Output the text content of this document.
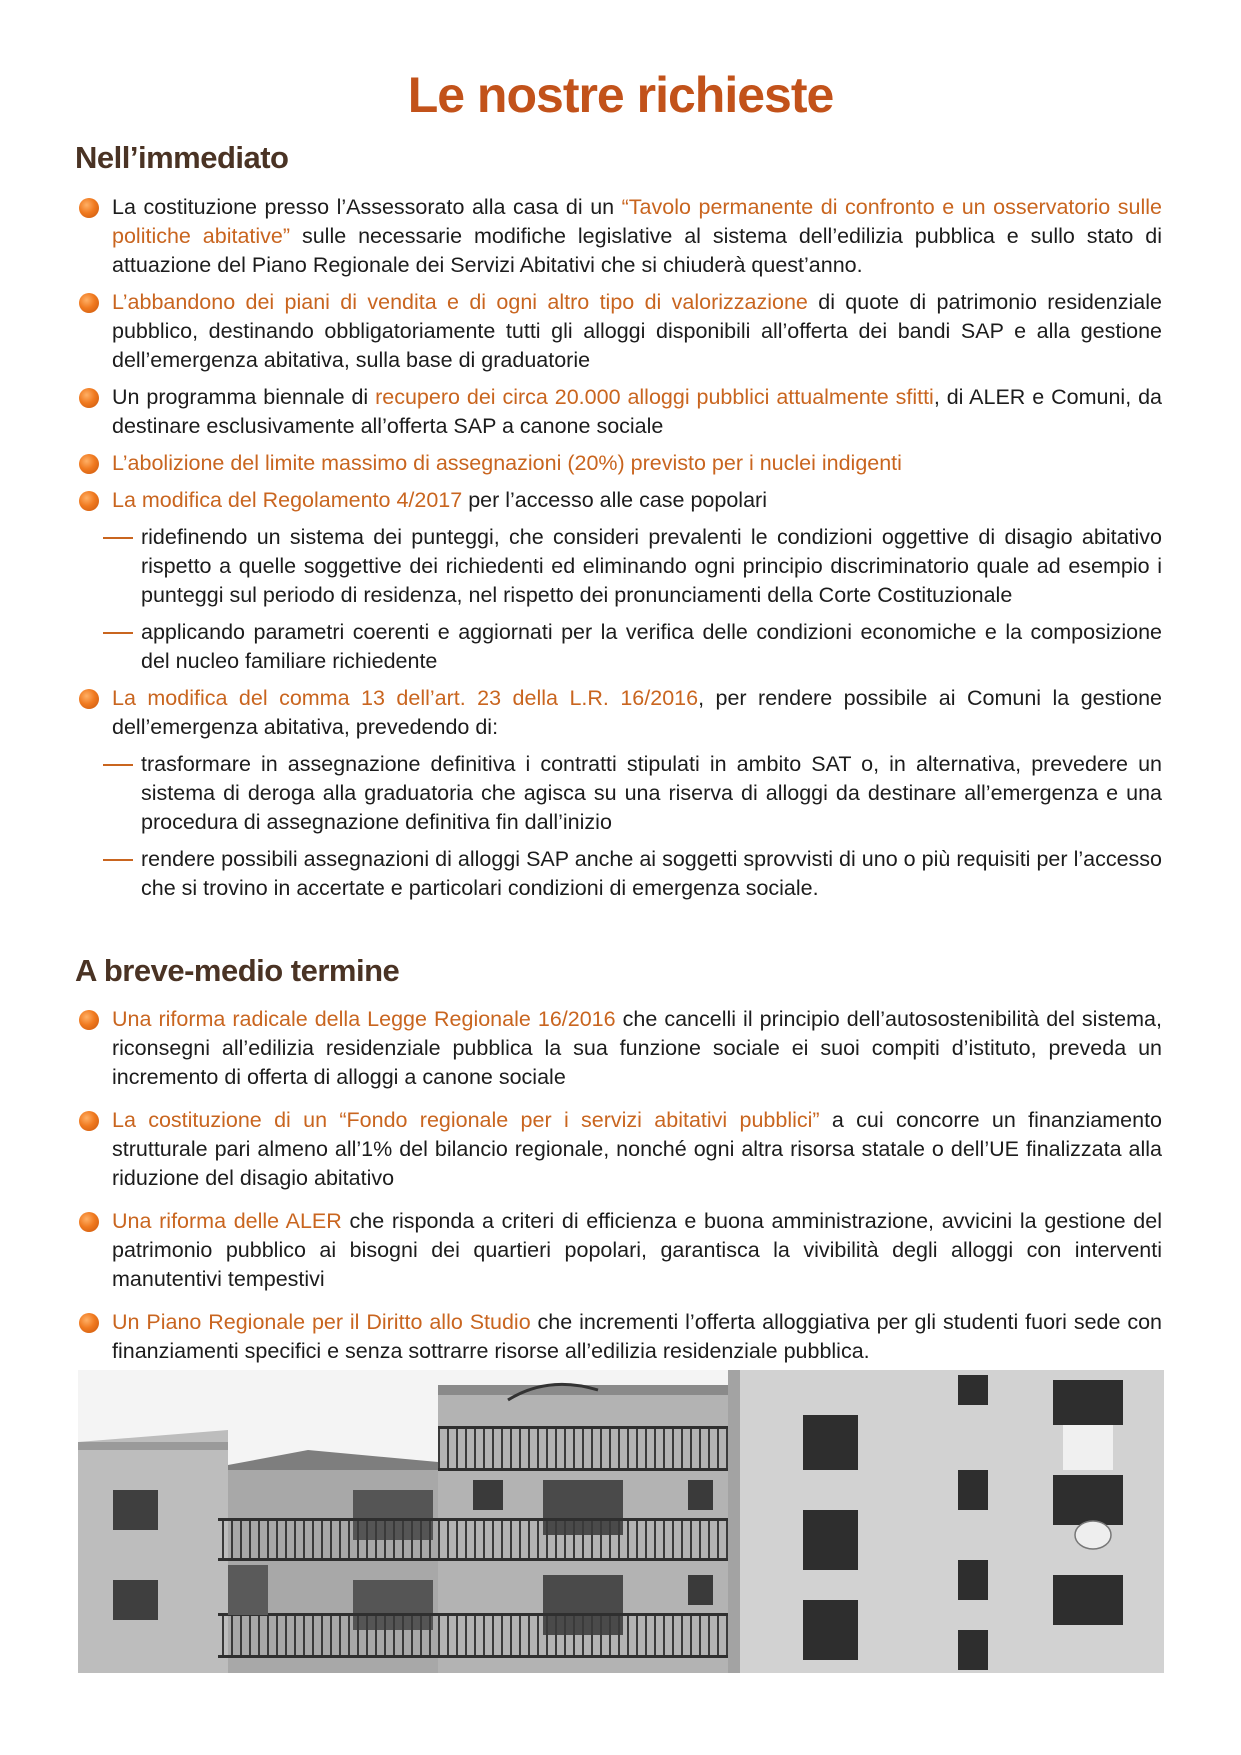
Le nostre richieste
Nell’immediato
La costituzione presso l’Assessorato alla casa di un “Tavolo permanente di confronto e un osservatorio sulle politiche abitative” sulle necessarie modifiche legislative al sistema dell’edilizia pubblica e sullo stato di attuazione del Piano Regionale dei Servizi Abitativi che si chiuderà quest’anno.
L’abbandono dei piani di vendita e di ogni altro tipo di valorizzazione di quote di patrimonio residenziale pubblico, destinando obbligatoriamente tutti gli alloggi disponibili all’offerta dei bandi SAP e alla gestione dell’emergenza abitativa, sulla base di graduatorie
Un programma biennale di recupero dei circa 20.000 alloggi pubblici attualmente sfitti, di ALER e Comuni, da destinare esclusivamente all’offerta SAP a canone sociale
L’abolizione del limite massimo di assegnazioni (20%) previsto per i nuclei indigenti
La modifica del Regolamento 4/2017 per l’accesso alle case popolari
ridefinendo un sistema dei punteggi, che consideri prevalenti le condizioni oggettive di disagio abitativo rispetto a quelle soggettive dei richiedenti ed eliminando ogni principio discriminatorio quale ad esempio i punteggi sul periodo di residenza, nel rispetto dei pronunciamenti della Corte Costituzionale
applicando parametri coerenti e aggiornati per la verifica delle condizioni economiche e la composizione del nucleo familiare richiedente
La modifica del comma 13 dell’art. 23 della L.R. 16/2016, per rendere possibile ai Comuni la gestione dell’emergenza abitativa, prevedendo di:
trasformare in assegnazione definitiva i contratti stipulati in ambito SAT o, in alternativa, prevedere un sistema di deroga alla graduatoria che agisca su una riserva di alloggi da destinare all’emergenza e una procedura di assegnazione definitiva fin dall’inizio
rendere possibili assegnazioni di alloggi SAP anche ai soggetti sprovvisti di uno o più requisiti per l’accesso che si trovino in accertate e particolari condizioni di emergenza sociale.
A breve-medio termine
Una riforma radicale della Legge Regionale 16/2016 che cancelli il principio dell’autosostenibilità del sistema, riconsegni all’edilizia residenziale pubblica la sua funzione sociale ei suoi compiti d’istituto, preveda un incremento di offerta di alloggi a canone sociale
La costituzione di un “Fondo regionale per i servizi abitativi pubblici” a cui concorre un finanziamento strutturale pari almeno all’1% del bilancio regionale, nonché ogni altra risorsa statale o dell’UE finalizzata alla riduzione del disagio abitativo
Una riforma delle ALER che risponda a criteri di efficienza e buona amministrazione, avvicini la gestione del patrimonio pubblico ai bisogni dei quartieri popolari, garantisca la vivibilità degli alloggi con interventi manutentivi tempestivi
Un Piano Regionale per il Diritto allo Studio che incrementi l’offerta alloggiativa per gli studenti fuori sede con finanziamenti specifici e senza sottrarre risorse all’edilizia residenziale pubblica.
